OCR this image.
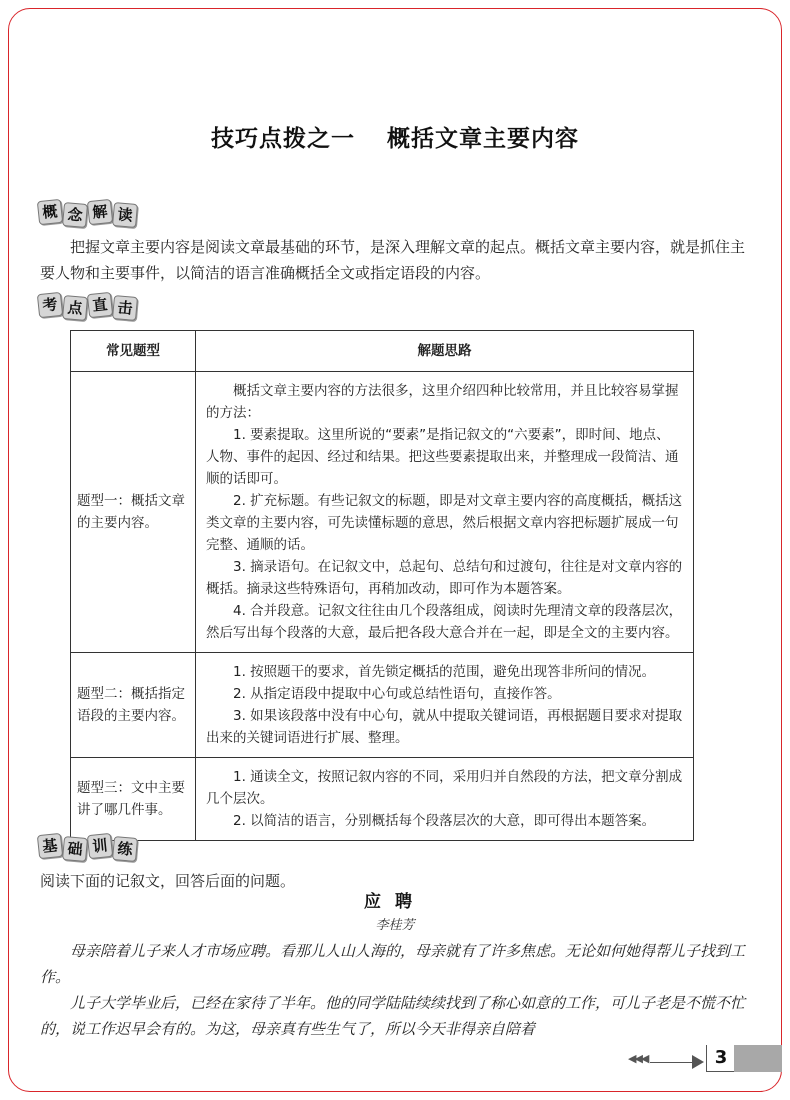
技巧点拨之一 概括文章主要内容
概 念 解 读
把握文章主要内容是阅读文章最基础的环节，是深入理解文章的起点。概括文章主要内容，就是抓住主要人物和主要事件，以简洁的语言准确概括全文或指定语段的内容。
考 点 直 击
常见题型	解题思路
题型一：概括文章的主要内容。	概括文章主要内容的方法很多，这里介绍四种比较常用，并且比较容易掌握的方法：

1. 要素提取。这里所说的“要素”是指记叙文的“六要素”，即时间、地点、人物、事件的起因、经过和结果。把这些要素提取出来，并整理成一段简洁、通顺的话即可。

2. 扩充标题。有些记叙文的标题，即是对文章主要内容的高度概括，概括这类文章的主要内容，可先读懂标题的意思，然后根据文章内容把标题扩展成一句完整、通顺的话。

3. 摘录语句。在记叙文中，总起句、总结句和过渡句，往往是对文章内容的概括。摘录这些特殊语句，再稍加改动，即可作为本题答案。

4. 合并段意。记叙文往往由几个段落组成，阅读时先理清文章的段落层次，然后写出每个段落的大意，最后把各段大意合并在一起，即是全文的主要内容。

题型二：概括指定语段的主要内容。	1. 按照题干的要求，首先锁定概括的范围，避免出现答非所问的情况。

2. 从指定语段中提取中心句或总结性语句，直接作答。

3. 如果该段落中没有中心句，就从中提取关键词语，再根据题目要求对提取出来的关键词语进行扩展、整理。

题型三：文中主要讲了哪几件事。	1. 通读全文，按照记叙内容的不同，采用归并自然段的方法，把文章分割成几个层次。

2. 以简洁的语言，分别概括每个段落层次的大意，即可得出本题答案。

基 础 训 练
阅读下面的记叙文，回答后面的问题。
应聘
李桂芳
母亲陪着儿子来人才市场应聘。看那儿人山人海的，母亲就有了许多焦虑。无论如何她得帮儿子找到工作。
儿子大学毕业后，已经在家待了半年。他的同学陆陆续续找到了称心如意的工作，可儿子老是不慌不忙的，说工作迟早会有的。为这，母亲真有些生气了，所以今天非得亲自陪着
◀◀◀	3
